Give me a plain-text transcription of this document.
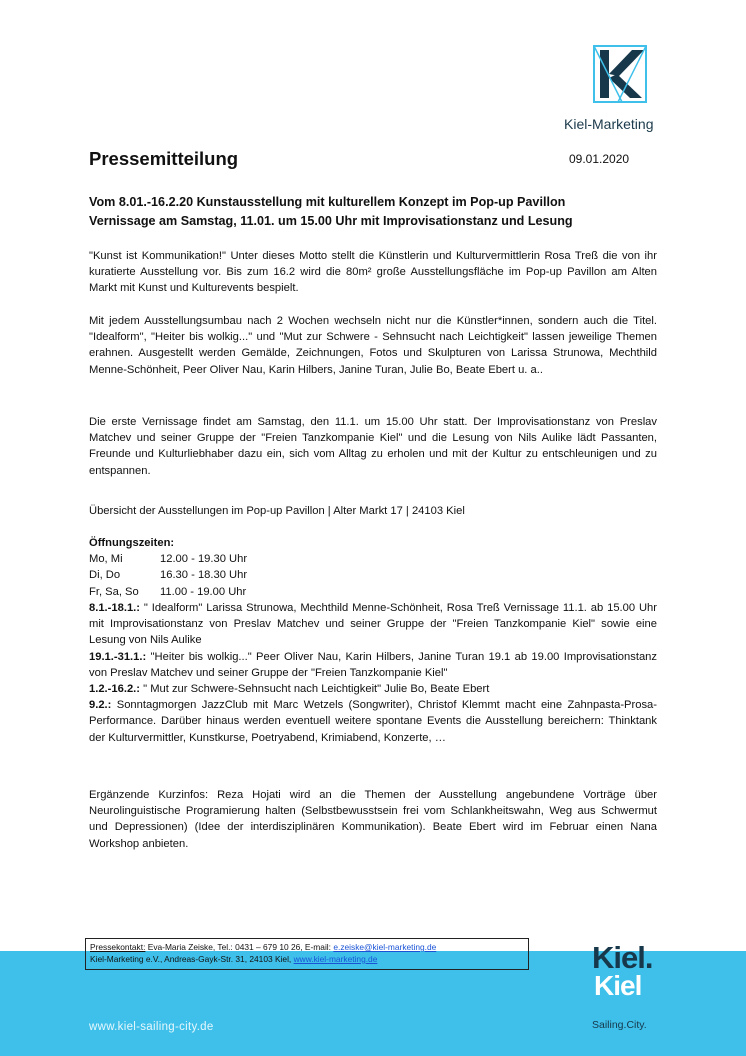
Kiel-Marketing
Pressemitteilung	09.01.2020
Vom 8.01.-16.2.20 Kunstausstellung mit kulturellem Konzept im Pop-up Pavillon
Vernissage am Samstag, 11.01. um 15.00 Uhr mit Improvisationstanz und Lesung
"Kunst ist Kommunikation!" Unter dieses Motto stellt die Künstlerin und Kulturvermittlerin Rosa Treß die von ihr kuratierte Ausstellung vor. Bis zum 16.2 wird die 80m² große Ausstellungsfläche im Pop-up Pavillon am Alten Markt mit Kunst und Kulturevents bespielt.
Mit jedem Ausstellungsumbau nach 2 Wochen wechseln nicht nur die Künstler*innen, sondern auch die Titel. "Idealform", "Heiter bis wolkig..." und "Mut zur Schwere - Sehnsucht nach Leichtigkeit" lassen jeweilige Themen erahnen. Ausgestellt werden Gemälde, Zeichnungen, Fotos und Skulpturen von Larissa Strunowa, Mechthild Menne-Schönheit, Peer Oliver Nau, Karin Hilbers, Janine Turan, Julie Bo, Beate Ebert u. a..
Die erste Vernissage findet am Samstag, den 11.1. um 15.00 Uhr statt. Der Improvisationstanz von Preslav Matchev und seiner Gruppe der "Freien Tanzkompanie Kiel" und die Lesung von Nils Aulike lädt Passanten, Freunde und Kulturliebhaber dazu ein, sich vom Alltag zu erholen und mit der Kultur zu entschleunigen und zu entspannen.
Übersicht der Ausstellungen im Pop-up Pavillon | Alter Markt 17 | 24103 Kiel
Öffnungszeiten:
Mo, Mi	12.00 - 19.30 Uhr
Di, Do	16.30 - 18.30 Uhr
Fr, Sa, So 11.00 - 19.00 Uhr
8.1.-18.1.: " Idealform" Larissa Strunowa, Mechthild Menne-Schönheit, Rosa Treß Vernissage 11.1. ab 15.00 Uhr mit Improvisationstanz von Preslav Matchev und seiner Gruppe der "Freien Tanzkompanie Kiel" sowie eine Lesung von Nils Aulike
19.1.-31.1.: "Heiter bis wolkig..." Peer Oliver Nau, Karin Hilbers, Janine Turan 19.1 ab 19.00 Improvisationstanz von Preslav Matchev und seiner Gruppe der "Freien Tanzkompanie Kiel"
1.2.-16.2.: " Mut zur Schwere-Sehnsucht nach Leichtigkeit" Julie Bo, Beate Ebert
9.2.: Sonntagmorgen JazzClub mit Marc Wetzels (Songwriter), Christof Klemmt macht eine Zahnpasta-Prosa-Performance. Darüber hinaus werden eventuell weitere spontane Events die Ausstellung bereichern: Thinktank der Kulturvermittler, Kunstkurse, Poetryabend, Krimiabend, Konzerte, …
Ergänzende Kurzinfos: Reza Hojati wird an die Themen der Ausstellung angebundene Vorträge über Neurolinguistische Programierung halten (Selbstbewusstsein frei vom Schlankheitswahn, Weg aus Schwermut und Depressionen) (Idee der interdisziplinären Kommunikation). Beate Ebert wird im Februar einen Nana Workshop anbieten.
www.kiel-sailing-city.de
Pressekontakt: Eva-Maria Zeiske, Tel.: 0431 – 679 10 26, E-mail: e.zeiske@kiel-marketing.de
Kiel-Marketing e.V., Andreas-Gayk-Str. 31, 24103 Kiel, www.kiel-marketing.de	Kiel.
Kiel
Sailing.City.
